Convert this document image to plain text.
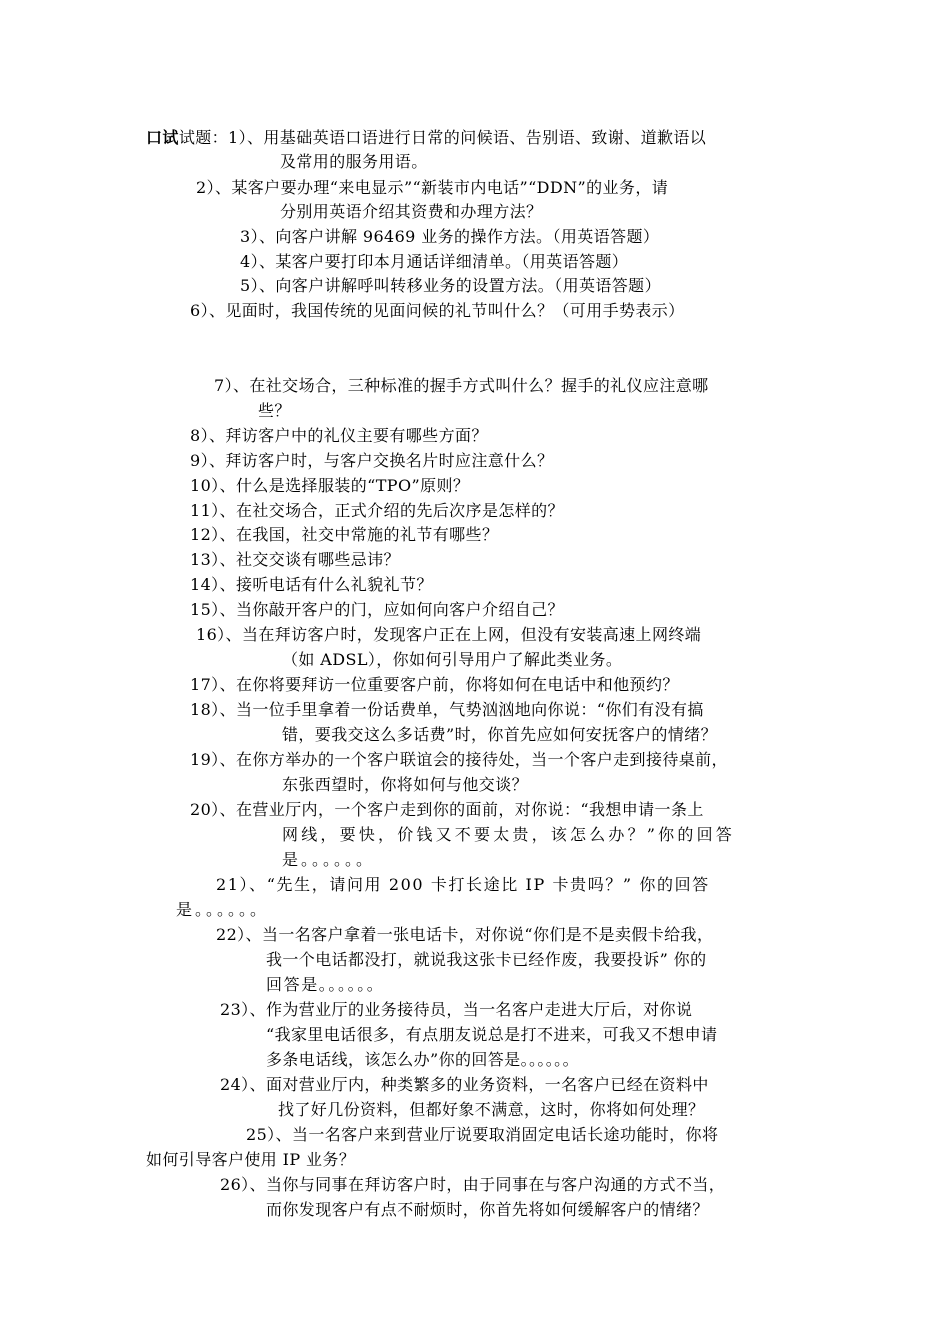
口试试题：1）、用基础英语口语进行日常的问候语、告别语、致谢、道歉语以
及常用的服务用语。
2）、某客户要办理“来电显示”“新装市内电话”“DDN”的业务，请
分别用英语介绍其资费和办理方法？
3）、向客户讲解 96469 业务的操作方法。（用英语答题）
4）、某客户要打印本月通话详细清单。（用英语答题）
5）、向客户讲解呼叫转移业务的设置方法。（用英语答题）
6）、见面时，我国传统的见面问候的礼节叫什么？（可用手势表示）
7）、在社交场合，三种标准的握手方式叫什么？握手的礼仪应注意哪
些？
8）、拜访客户中的礼仪主要有哪些方面？
9）、拜访客户时，与客户交换名片时应注意什么？
10）、什么是选择服装的“TPO”原则？
11）、在社交场合，正式介绍的先后次序是怎样的？
12）、在我国，社交中常施的礼节有哪些？
13）、社交交谈有哪些忌讳？
14）、接听电话有什么礼貌礼节？
15）、当你敲开客户的门，应如何向客户介绍自己？
16）、当在拜访客户时，发现客户正在上网，但没有安装高速上网终端
（如 ADSL），你如何引导用户了解此类业务。
17）、在你将要拜访一位重要客户前，你将如何在电话中和他预约？
18）、当一位手里拿着一份话费单，气势汹汹地向你说：“你们有没有搞
错，要我交这么多话费”时，你首先应如何安抚客户的情绪？
19）、在你方举办的一个客户联谊会的接待处，当一个客户走到接待桌前，
东张西望时，你将如何与他交谈？
20）、在营业厅内，一个客户走到你的面前，对你说：“我想申请一条上
网线，要快，价钱又不要太贵，该怎么办？”你的回答
是。。。。。。
21）、“先生，请问用 200 卡打长途比 IP 卡贵吗？” 你的回答
是。。。。。。
22）、当一名客户拿着一张电话卡，对你说“你们是不是卖假卡给我，
我一个电话都没打，就说我这张卡已经作废，我要投诉” 你的
回答是。。。。。。
23）、作为营业厅的业务接待员，当一名客户走进大厅后，对你说
“我家里电话很多，有点朋友说总是打不进来，可我又不想申请
多条电话线，该怎么办”你的回答是。。。。。。
24）、面对营业厅内，种类繁多的业务资料，一名客户已经在资料中
找了好几份资料，但都好象不满意，这时，你将如何处理？
25）、当一名客户来到营业厅说要取消固定电话长途功能时，你将
如何引导客户使用 IP 业务？
26）、当你与同事在拜访客户时，由于同事在与客户沟通的方式不当，
而你发现客户有点不耐烦时，你首先将如何缓解客户的情绪？
